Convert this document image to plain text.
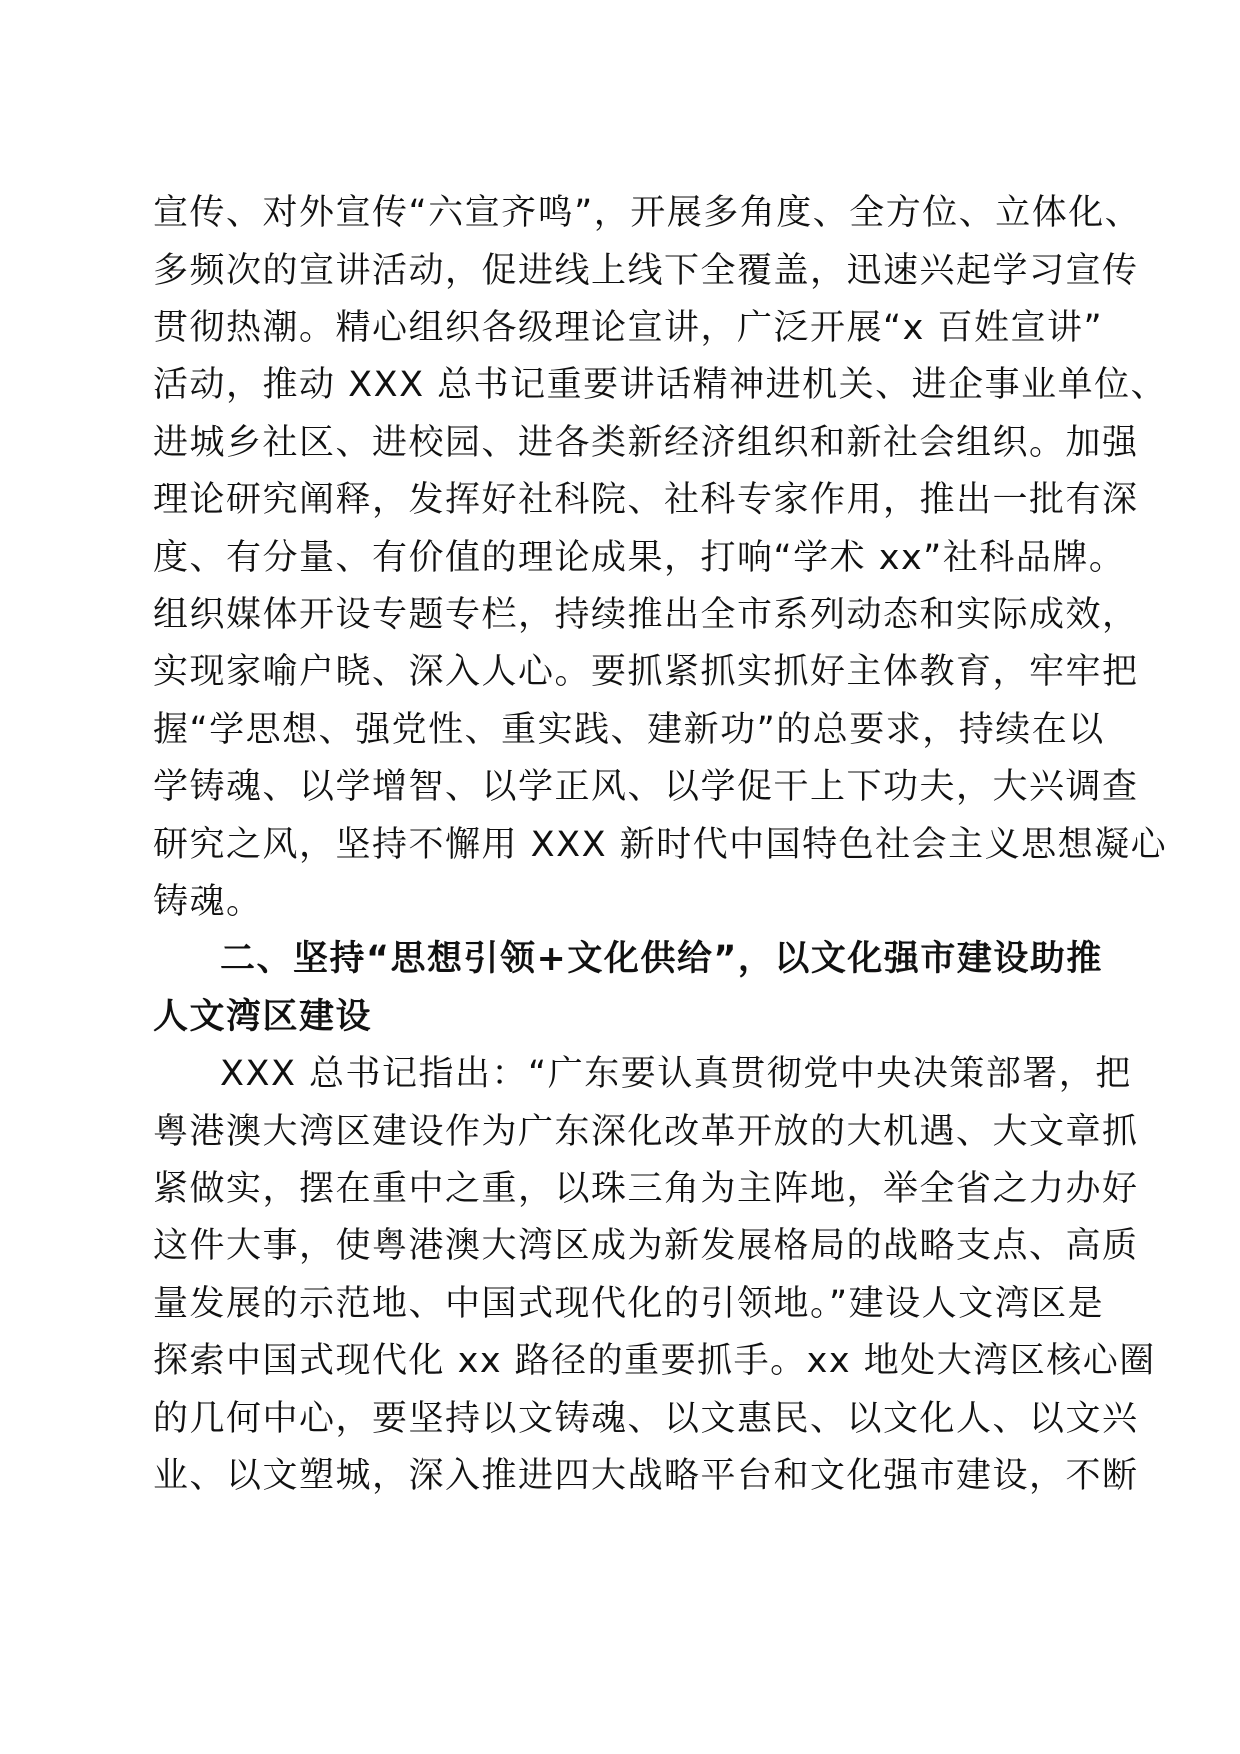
宣传、对外宣传“六宣齐鸣”，开展多角度、全方位、立体化、
多频次的宣讲活动，促进线上线下全覆盖，迅速兴起学习宣传
贯彻热潮。精心组织各级理论宣讲，广泛开展“x 百姓宣讲”
活动，推动 XXX 总书记重要讲话精神进机关、进企事业单位、
进城乡社区、进校园、进各类新经济组织和新社会组织。加强
理论研究阐释，发挥好社科院、社科专家作用，推出一批有深
度、有分量、有价值的理论成果，打响“学术 xx”社科品牌。
组织媒体开设专题专栏，持续推出全市系列动态和实际成效，
实现家喻户晓、深入人心。要抓紧抓实抓好主体教育，牢牢把
握“学思想、强党性、重实践、建新功”的总要求，持续在以
学铸魂、以学增智、以学正风、以学促干上下功夫，大兴调查
研究之风，坚持不懈用 XXX 新时代中国特色社会主义思想凝心
铸魂。
二、坚持“思想引领+文化供给”，以文化强市建设助推
人文湾区建设
XXX 总书记指出：“广东要认真贯彻党中央决策部署，把
粤港澳大湾区建设作为广东深化改革开放的大机遇、大文章抓
紧做实，摆在重中之重，以珠三角为主阵地，举全省之力办好
这件大事，使粤港澳大湾区成为新发展格局的战略支点、高质
量发展的示范地、中国式现代化的引领地。”建设人文湾区是
探索中国式现代化 xx 路径的重要抓手。xx 地处大湾区核心圈
的几何中心，要坚持以文铸魂、以文惠民、以文化人、以文兴
业、以文塑城，深入推进四大战略平台和文化强市建设，不断
